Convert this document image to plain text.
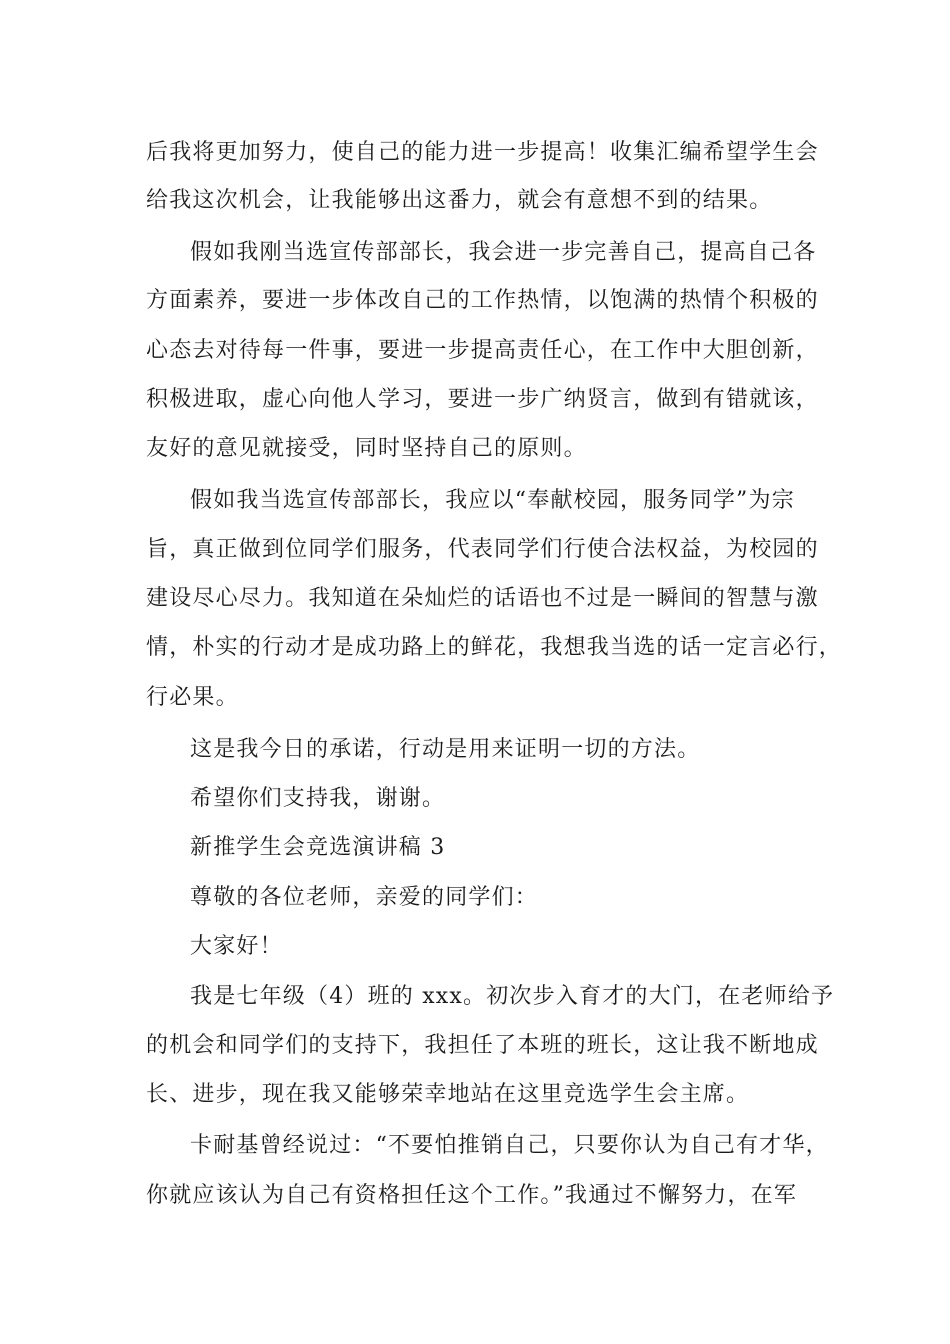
后我将更加努力，使自己的能力进一步提高！收集汇编希望学生会
给我这次机会，让我能够出这番力，就会有意想不到的结果。
假如我刚当选宣传部部长，我会进一步完善自己，提高自己各
方面素养，要进一步体改自己的工作热情，以饱满的热情个积极的
心态去对待每一件事，要进一步提高责任心，在工作中大胆创新，
积极进取，虚心向他人学习，要进一步广纳贤言，做到有错就该，
友好的意见就接受，同时坚持自己的原则。
假如我当选宣传部部长，我应以“奉献校园，服务同学”为宗
旨，真正做到位同学们服务，代表同学们行使合法权益，为校园的
建设尽心尽力。我知道在朵灿烂的话语也不过是一瞬间的智慧与激
情，朴实的行动才是成功路上的鲜花，我想我当选的话一定言必行，
行必果。
这是我今日的承诺，行动是用来证明一切的方法。
希望你们支持我，谢谢。
新推学生会竞选演讲稿 3
尊敬的各位老师，亲爱的同学们：
大家好！
我是七年级（4）班的 xxx。初次步入育才的大门，在老师给予
的机会和同学们的支持下，我担任了本班的班长，这让我不断地成
长、进步，现在我又能够荣幸地站在这里竞选学生会主席。
卡耐基曾经说过：“不要怕推销自己，只要你认为自己有才华，
你就应该认为自己有资格担任这个工作。”我通过不懈努力，在军
